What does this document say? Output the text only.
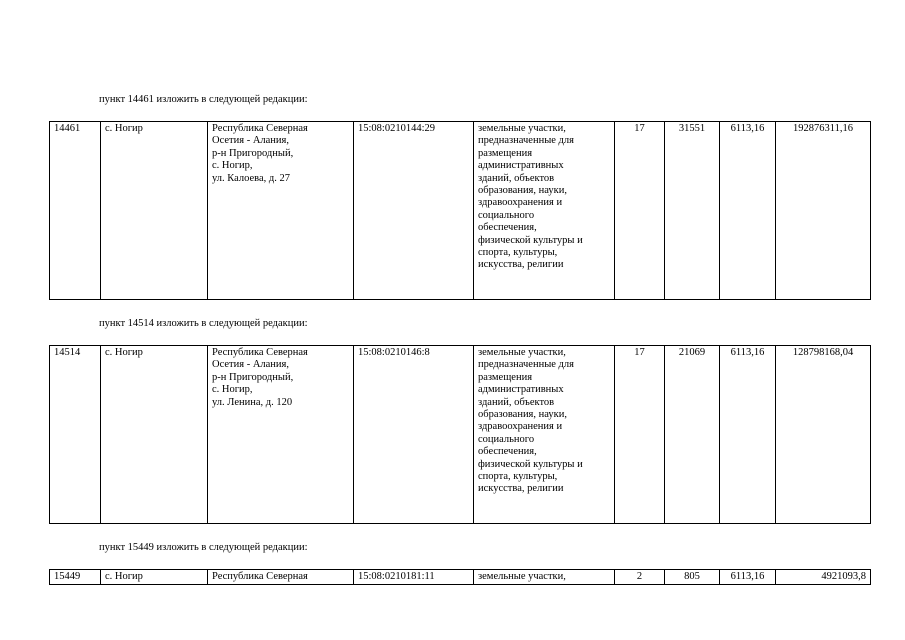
пункт 14461 изложить в следующей редакции:
14461	с. Ногир	Республика Северная
Осетия - Алания,
р-н Пригородный,
с. Ногир,
ул. Калоева, д. 27
	15:08:0210144:29	земельные участки,
предназначенные для
размещения
административных
зданий, объектов
образования, науки,
здравоохранения и
социального
обеспечения,
физической культуры и
спорта, культуры,
искусства, религии
	17	31551	6113,16	192876311,16
пункт 14514 изложить в следующей редакции:
14514	с. Ногир	Республика Северная
Осетия - Алания,
р-н Пригородный,
с. Ногир,
ул. Ленина, д. 120
	15:08:0210146:8	земельные участки,
предназначенные для
размещения
административных
зданий, объектов
образования, науки,
здравоохранения и
социального
обеспечения,
физической культуры и
спорта, культуры,
искусства, религии
	17	21069	6113,16	128798168,04
пункт 15449 изложить в следующей редакции:
15449	с. Ногир	Республика Северная	15:08:0210181:11	земельные участки,	2	805	6113,16	4921093,8
